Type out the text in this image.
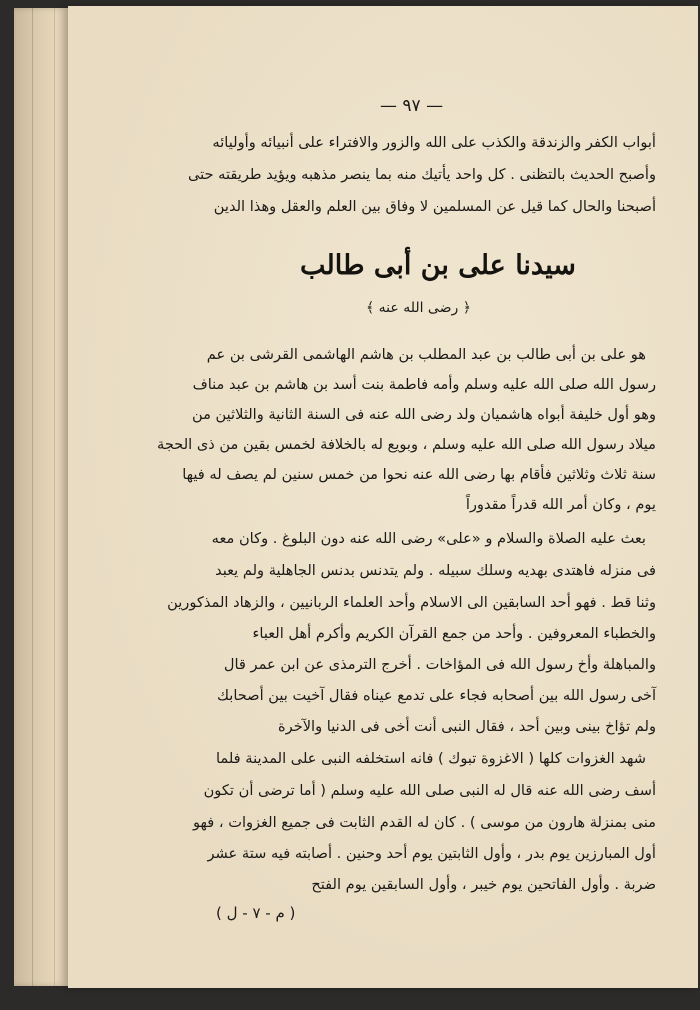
— ٩٧ —
أبواب الكفر والزندقة والكذب على الله والزور والافتراء على أنبيائه وأوليائه
وأصبح الحديث بالتظنى . كل واحد يأتيك منه بما ينصر مذهبه ويؤيد طريقته حتى
أصبحنا والحال كما قيل عن المسلمين لا وفاق بين العلم والعقل وهذا الدين
سيدنا على بن أبى طالب
﴿ رضى الله عنه ﴾
هو على بن أبى طالب بن عبد المطلب بن هاشم الهاشمى القرشى بن عم
رسول الله صلى الله عليه وسلم وأمه فاطمة بنت أسد بن هاشم بن عبد مناف
وهو أول خليفة أبواه هاشميان ولد رضى الله عنه فى السنة الثانية والثلاثين من
ميلاد رسول الله صلى الله عليه وسلم ، وبويع له بالخلافة لخمس بقين من ذى الحجة
سنة ثلاث وثلاثين فأقام بها رضى الله عنه نحوا من خمس سنين لم يصف له فيها
يوم ، وكان أمر الله قدراً مقدوراً
بعث عليه الصلاة والسلام و «على» رضى الله عنه دون البلوغ . وكان معه
فى منزله فاهتدى بهديه وسلك سبيله . ولم يتدنس بدنس الجاهلية ولم يعبد
وثنا قط . فهو أحد السابقين الى الاسلام وأحد العلماء الربانيين ، والزهاد المذكورين
والخطباء المعروفين . وأحد من جمع القرآن الكريم وأكرم أهل العباء
والمباهلة وأخ رسول الله فى المؤاخات . أخرج الترمذى عن ابن عمر قال
آخى رسول الله بين أصحابه فجاء على تدمع عيناه فقال آخيت بين أصحابك
ولم تؤاخ بينى وبين أحد ، فقال النبى أنت أخى فى الدنيا والآخرة
شهد الغزوات كلها ( الاغزوة تبوك ) فانه استخلفه النبى على المدينة فلما
أسف رضى الله عنه قال له النبى صلى الله عليه وسلم ( أما ترضى أن تكون
منى بمنزلة هارون من موسى ) . كان له القدم الثابت فى جميع الغزوات ، فهو
أول المبارزين يوم بدر ، وأول الثابتين يوم أحد وحنين . أصابته فيه ستة عشر
ضربة . وأول الفاتحين يوم خيبر ، وأول السابقين يوم الفتح
( م - ٧ - ل )
